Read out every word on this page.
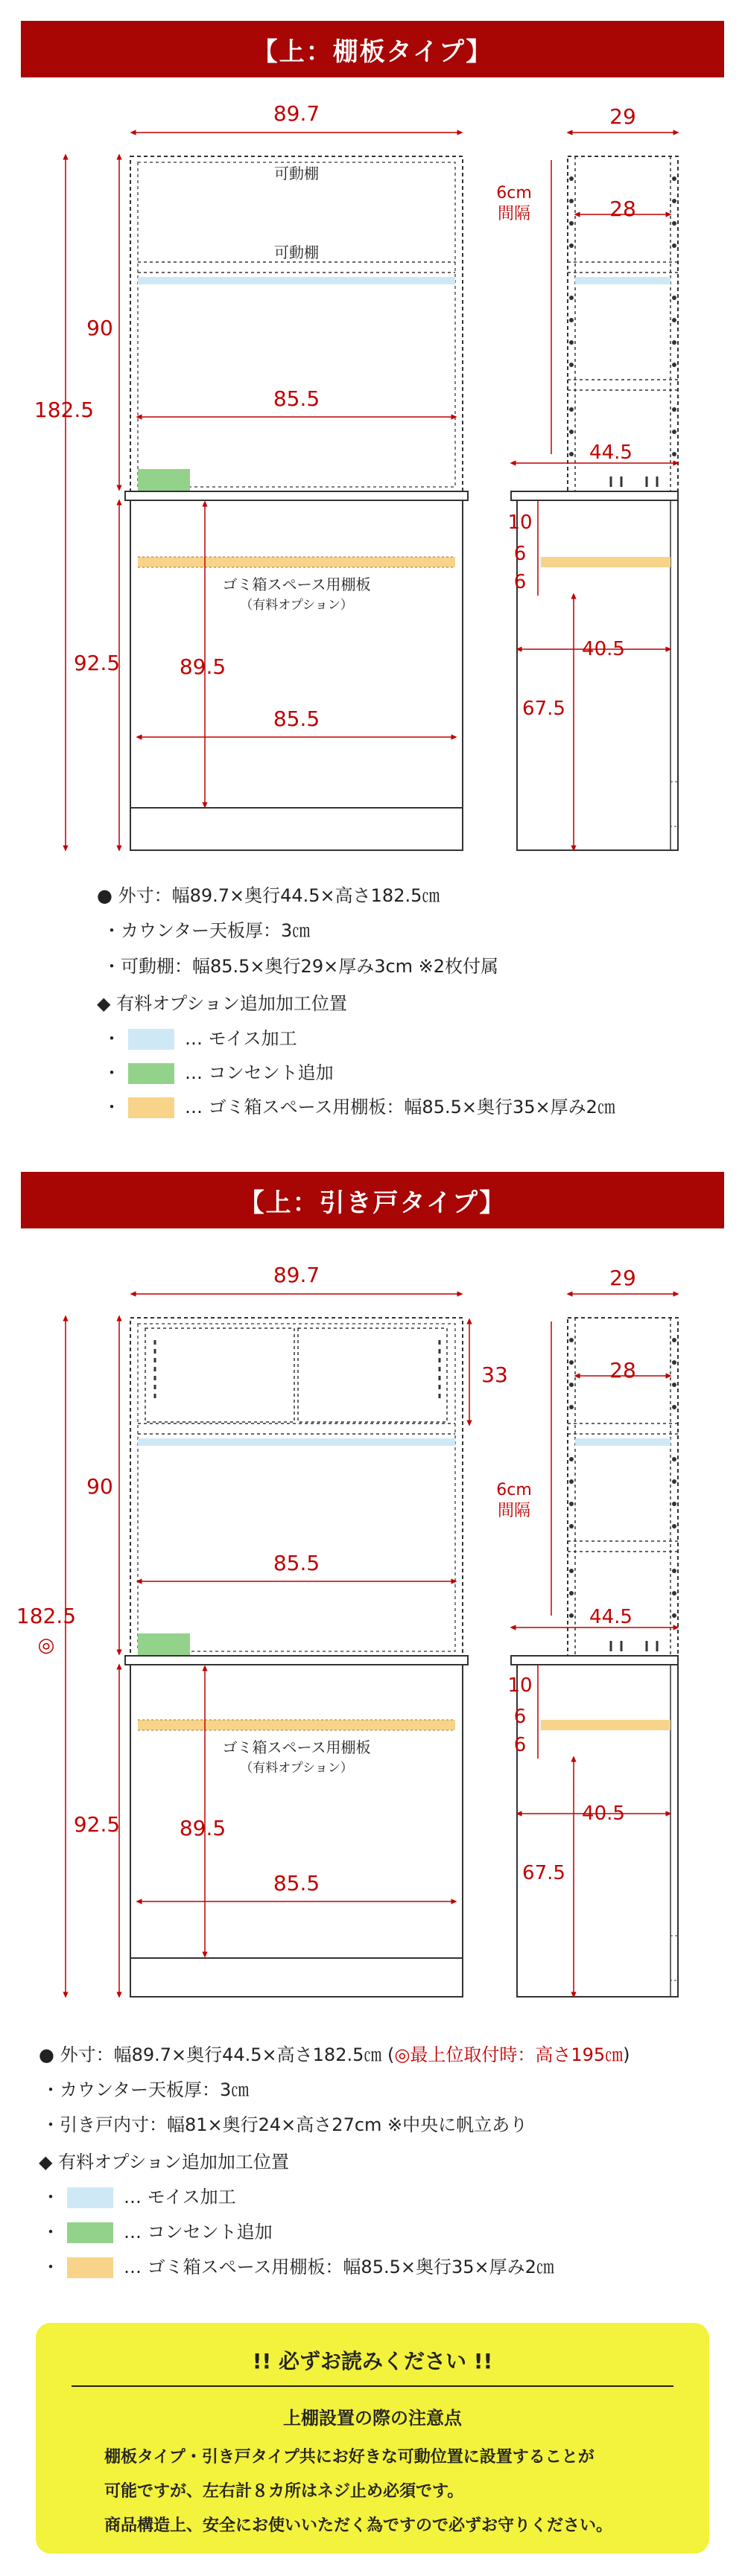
【上：棚板タイプ】
89.7
182.5
90
85.5
92.5	89.5
85.5
可動棚
可動棚
ゴミ箱スペース用棚板
（有料オプション）
29
28
6cm
間隔
44.5
10
6
6
40.5
67.5
● 外寸：幅89.7×奥行44.5×高さ182.5㎝
・カウンター天板厚：3㎝
・可動棚：幅85.5×奥行29×厚み3cm ※2枚付属
◆ 有料オプション追加加工位置
・	… モイス加工
・	… コンセント追加
・	… ゴミ箱スペース用棚板：幅85.5×奥行35×厚み2㎝
【上：引き戸タイプ】
89.7
182.5
◎
90
33
85.5
92.5	89.5
85.5
ゴミ箱スペース用棚板
（有料オプション）
29
28
6cm
間隔
44.5
10
6
6
40.5
67.5
● 外寸：幅89.7×奥行44.5×高さ182.5㎝ (◎最上位取付時：高さ195㎝)
・カウンター天板厚：3㎝
・引き戸内寸：幅81×奥行24×高さ27cm ※中央に帆立あり
◆ 有料オプション追加加工位置
・	… モイス加工
・	… コンセント追加
・	… ゴミ箱スペース用棚板：幅85.5×奥行35×厚み2㎝
!! 必ずお読みください !!
上棚設置の際の注意点
棚板タイプ・引き戸タイプ共にお好きな可動位置に設置することが
可能ですが、左右計８カ所はネジ止め必須です。
商品構造上、安全にお使いいただく為ですので必ずお守りください。
